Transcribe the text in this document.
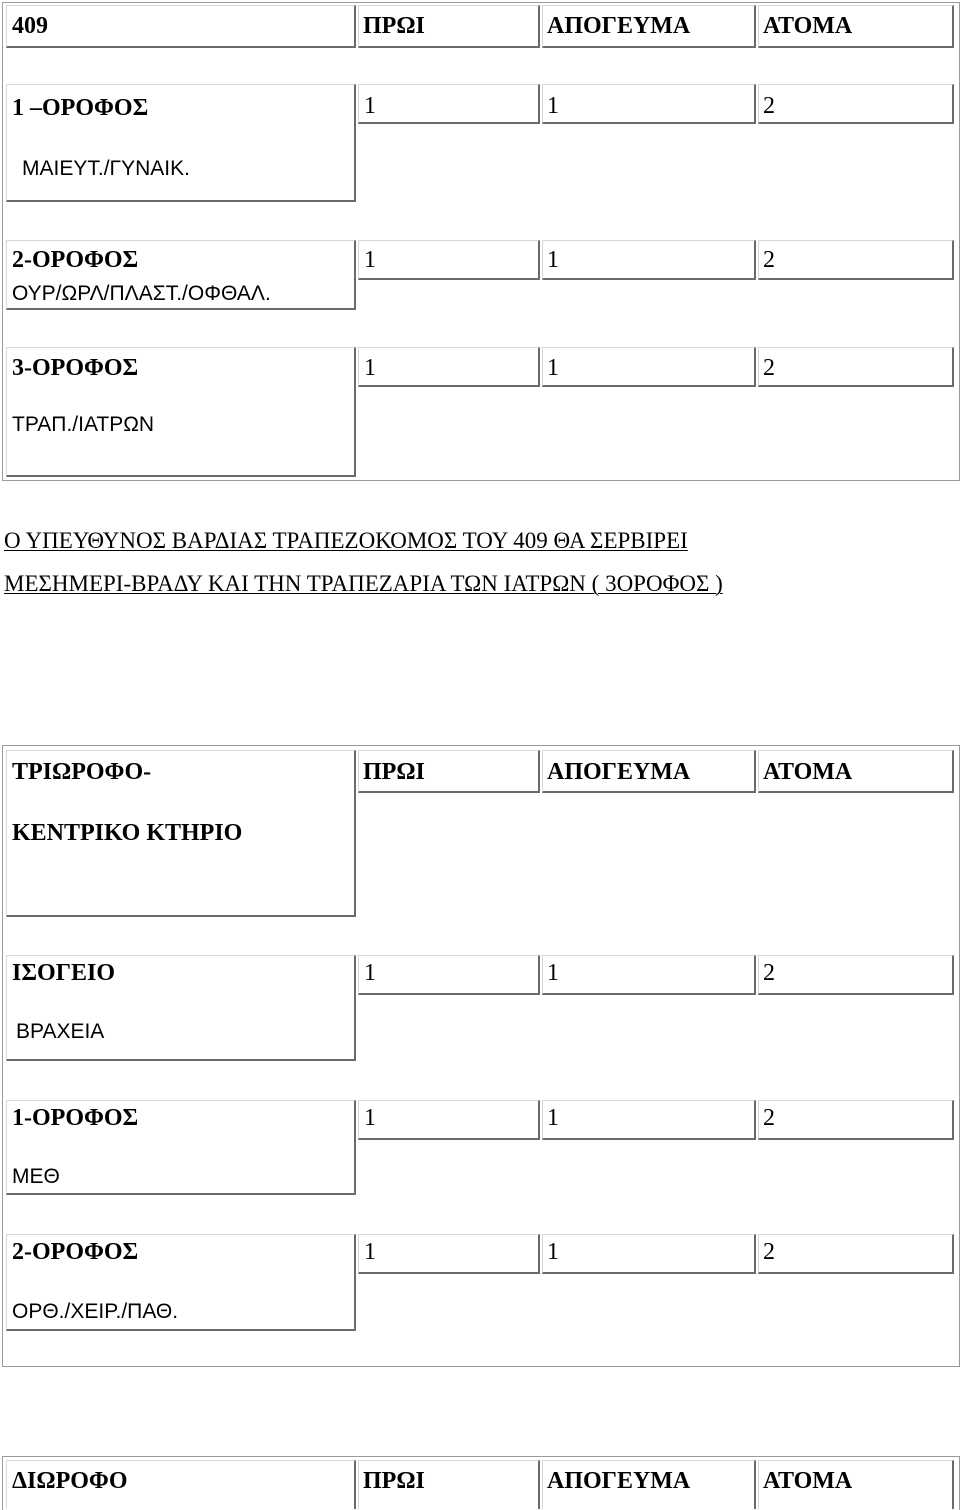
409	ΠΡΩΙ	ΑΠΟΓΕΥΜΑ	ΑΤΟΜΑ
1 –ΟΡΟΦΟΣ
ΜΑΙΕΥΤ./ΓΥΝΑΙΚ.
1	1	2
2-ΟΡΟΦΟΣ
ΟΥΡ/ΩΡΛ/ΠΛΑΣΤ./ΟΦΘΑΛ.
1	1	2
3-ΟΡΟΦΟΣ
ΤΡΑΠ./ΙΑΤΡΩΝ
1	1	2
Ο ΥΠΕΥΘΥΝΟΣ ΒΑΡΔΙΑΣ ΤΡΑΠΕΖΟΚΟΜΟΣ ΤΟΥ 409 ΘΑ ΣΕΡΒΙΡΕΙ
ΜΕΣΗΜΕΡΙ-ΒΡΑΔΥ ΚΑΙ ΤΗΝ ΤΡΑΠΕΖΑΡΙΑ ΤΩΝ ΙΑΤΡΩΝ ( 3ΟΡΟΦΟΣ )
ΤΡΙΩΡΟΦΟ-
ΚΕΝΤΡΙΚΟ ΚΤΗΡΙΟ
ΠΡΩΙ	ΑΠΟΓΕΥΜΑ	ΑΤΟΜΑ
ΙΣΟΓΕΙΟ
ΒΡΑΧΕΙΑ
1	1	2
1-ΟΡΟΦΟΣ
ΜΕΘ
1	1	2
2-ΟΡΟΦΟΣ
ΟΡΘ./ΧΕΙΡ./ΠΑΘ.
1	1	2
ΔΙΩΡΟΦΟ	ΠΡΩΙ	ΑΠΟΓΕΥΜΑ	ΑΤΟΜΑ
